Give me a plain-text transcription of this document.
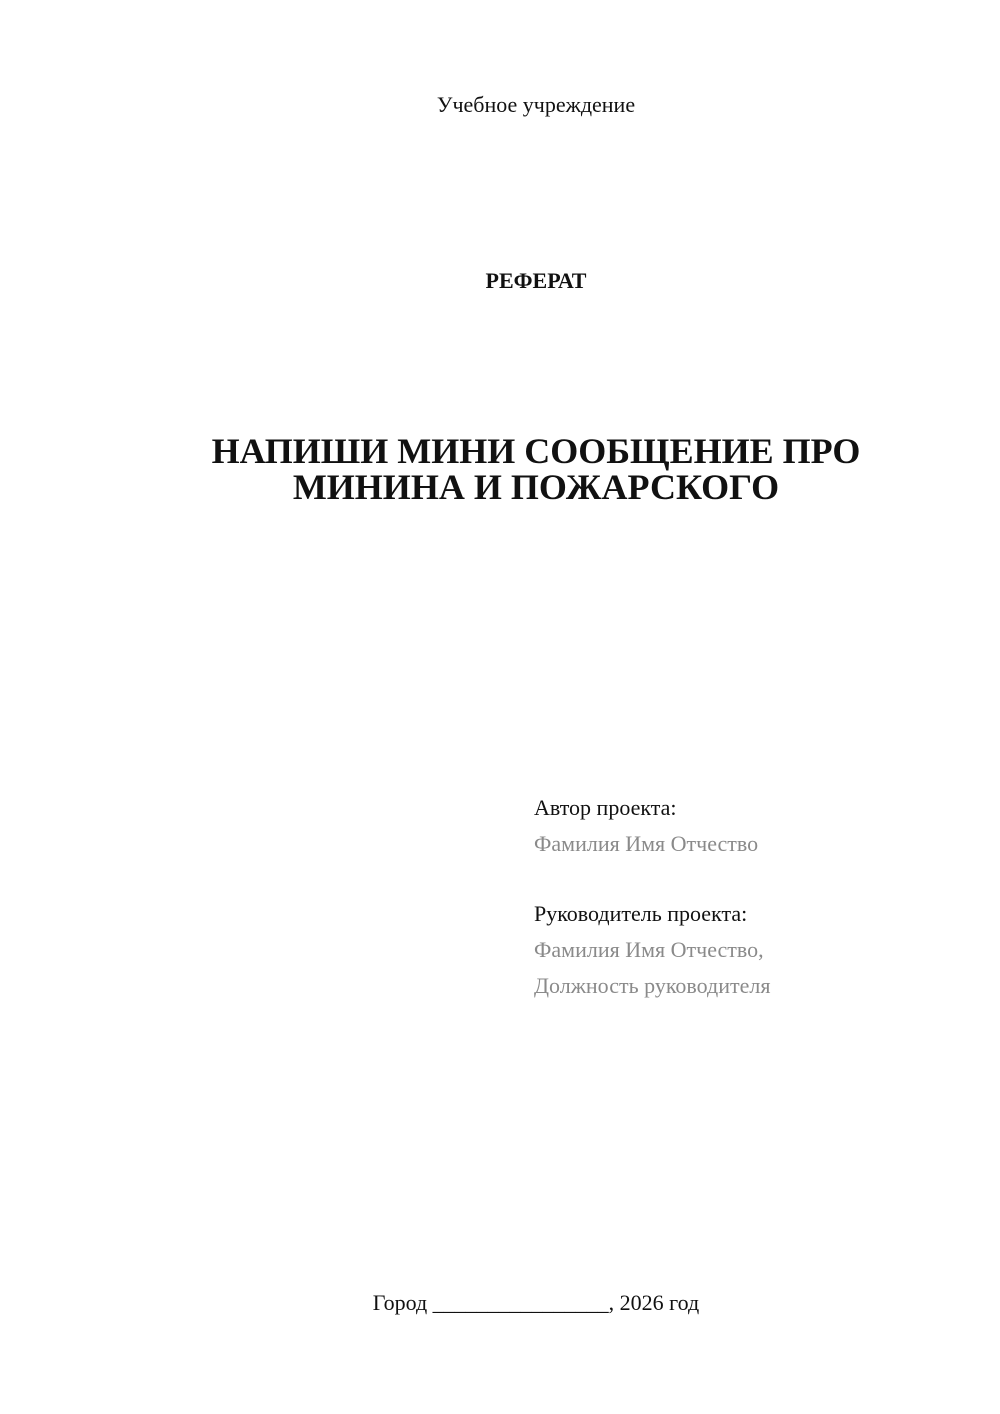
Учебное учреждение
РЕФЕРАТ
НАПИШИ МИНИ СООБЩЕНИЕ ПРО
МИНИНА И ПОЖАРСКОГО
Автор проекта:
Фамилия Имя Отчество
Руководитель проекта:
Фамилия Имя Отчество,
Должность руководителя
Город ________________, 2026 год
